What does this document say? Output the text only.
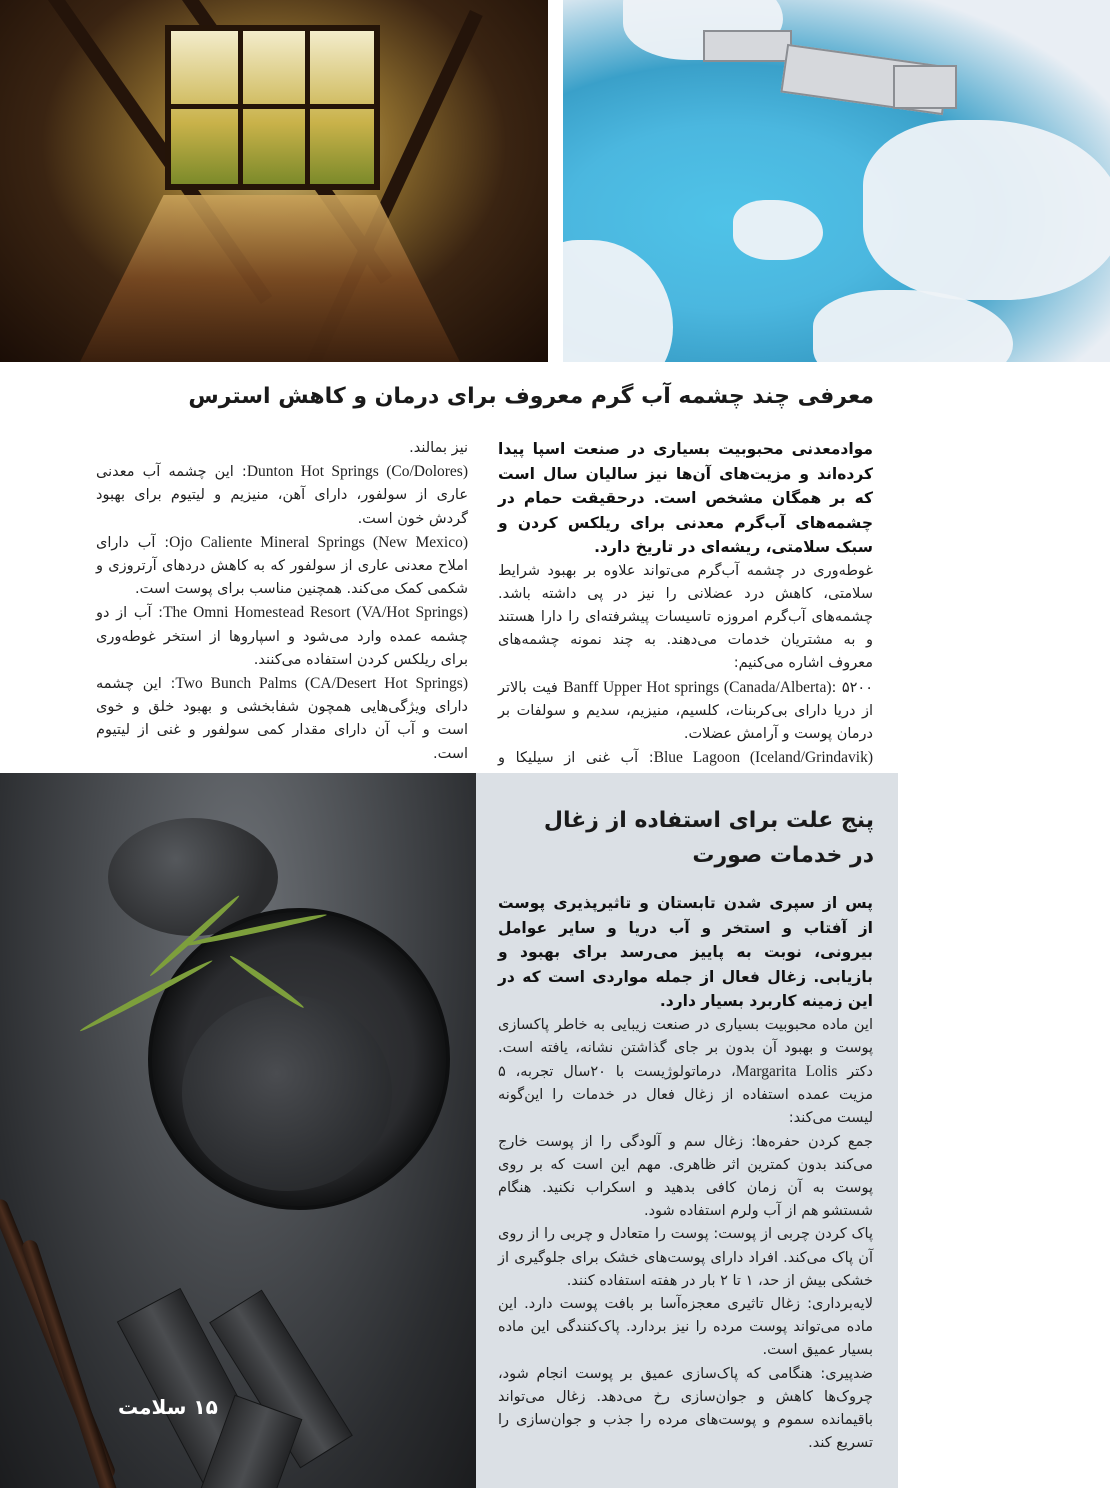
معرفی چند چشمه آب گرم معروف برای درمان و کاهش استرس

موادمعدنی محبوبیت بسیاری در صنعت اسپا پیدا کرده‌اند و مزیت‌های آن‌ها نیز سالیان سال است که بر همگان مشخص است. درحقیقت حمام در چشمه‌های آب‌گرم معدنی برای ریلکس کردن و سبک سلامتی، ریشه‌ای در تاریخ دارد.

غوطه‌وری در چشمه آب‌گرم می‌تواند علاوه بر بهبود شرایط سلامتی، کاهش درد عضلانی را نیز در پی داشته باشد. چشمه‌های آب‌گرم امروزه تاسیسات پیشرفته‌ای را دارا هستند و به مشتریان خدمات می‌دهند. به چند نمونه چشمه‌های معروف اشاره می‌کنیم:

Banff Upper Hot springs (Canada/Alberta): ۵۲۰۰ فیت بالاتر از دریا دارای بی‌کربنات، کلسیم، منیزیم، سدیم و سولفات بر درمان پوست و آرامش عضلات.

Blue Lagoon (Iceland/Grindavik): آب غنی از سیلیکا و

نیز بمالند.

Dunton Hot Springs (Co/Dolores): این چشمه آب معدنی عاری از سولفور، دارای آهن، منیزیم و لیتیوم برای بهبود گردش خون است.

Ojo Caliente Mineral Springs (New Mexico): آب دارای املاح معدنی عاری از سولفور که به کاهش دردهای آرتروزی و شکمی کمک می‌کند. همچنین مناسب برای پوست است.

The Omni Homestead Resort (VA/Hot Springs): آب از دو چشمه عمده وارد می‌شود و اسپاروها از استخر غوطه‌وری برای ریلکس کردن استفاده می‌کنند.

Two Bunch Palms (CA/Desert Hot Springs): این چشمه دارای ویژگی‌هایی همچون شفابخشی و بهبود خلق و خوی است و آب آن دارای مقدار کمی سولفور و غنی از لیتیوم است.

۱۵ سلامت
پنج علت برای استفاده از زغال
در خدمات صورت

پس از سپری شدن تابستان و تاثیرپذیری پوست از آفتاب و استخر و آب دریا و سایر عوامل بیرونی، نوبت به پاییز می‌رسد برای بهبود و بازیابی. زغال فعال از جمله مواردی است که در این زمینه کاربرد بسیار دارد.

این ماده محبوبیت بسیاری در صنعت زیبایی به خاطر پاکسازی پوست و بهبود آن بدون بر جای گذاشتن نشانه، یافته است. دکتر Margarita Lolis، درماتولوژیست با ۲۰سال تجربه، ۵ مزیت عمده استفاده از زغال فعال در خدمات را این‌گونه لیست می‌کند:

جمع کردن حفره‌ها: زغال سم و آلودگی را از پوست خارج می‌کند بدون کمترین اثر ظاهری. مهم این است که بر روی پوست به آن زمان کافی بدهید و اسکراب نکنید. هنگام شستشو هم از آب ولرم استفاده شود.

پاک کردن چربی از پوست: پوست را متعادل و چربی را از روی آن پاک می‌کند. افراد دارای پوست‌های خشک برای جلوگیری از خشکی بیش از حد، ۱ تا ۲ بار در هفته استفاده کنند.

لایه‌برداری: زغال تاثیری معجزه‌آسا بر بافت پوست دارد. این ماده می‌تواند پوست مرده را نیز بردارد. پاک‌کنندگی این ماده بسیار عمیق است.

ضدپیری: هنگامی که پاک‌سازی عمیق بر پوست انجام شود، چروک‌ها کاهش و جوان‌سازی رخ می‌دهد. زغال می‌تواند باقیمانده سموم و پوست‌های مرده را جذب و جوان‌سازی را تسریع کند.
